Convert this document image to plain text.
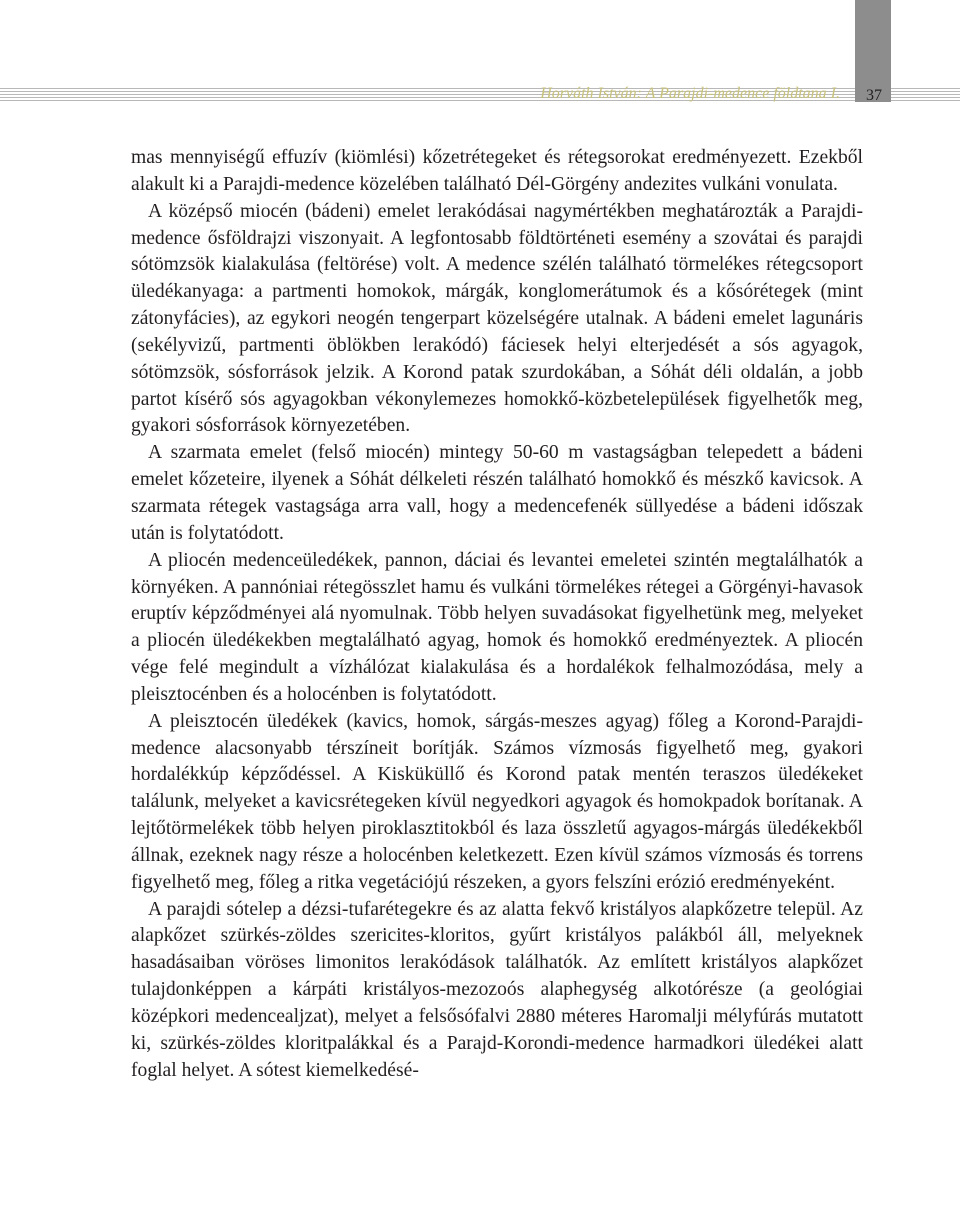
Horváth István: A Parajdi-medence földtana I.	37

mas mennyiségű effuzív (kiömlési) kőzetrétegeket és rétegsorokat eredményezett. Ezekből alakult ki a Parajdi-medence közelében található Dél-Görgény andezites vulkáni vonulata.

A középső miocén (bádeni) emelet lerakódásai nagymértékben meghatározták a Parajdi-medence ősföldrajzi viszonyait. A legfontosabb földtörténeti esemény a szovátai és parajdi sótömzsök kialakulása (feltörése) volt. A medence szélén található törmelékes rétegcsoport üledékanyaga: a partmenti homokok, márgák, konglomerátumok és a kősórétegek (mint zátonyfácies), az egykori neogén tengerpart közelségére utalnak. A bádeni emelet lagunáris (sekélyvizű, partmenti öblökben lerakódó) fáciesek helyi elterjedését a sós agyagok, sótömzsök, sósforrások jelzik. A Korond patak szurdokában, a Sóhát déli oldalán, a jobb partot kísérő sós agyagokban vékonylemezes homokkő-közbetelepülések figyelhetők meg, gyakori sósforrások környezetében.

A szarmata emelet (felső miocén) mintegy 50-60 m vastagságban telepedett a bádeni emelet kőzeteire, ilyenek a Sóhát délkeleti részén található homokkő és mészkő kavicsok. A szarmata rétegek vastagsága arra vall, hogy a medencefenék süllyedése a bádeni időszak után is folytatódott.

A pliocén medenceüledékek, pannon, dáciai és levantei emeletei szintén megtalálhatók a környéken. A pannóniai rétegösszlet hamu és vulkáni törmelékes rétegei a Görgényi-havasok eruptív képződményei alá nyomulnak. Több helyen suvadásokat figyelhetünk meg, melyeket a pliocén üledékekben megtalálható agyag, homok és homokkő eredményeztek. A pliocén vége felé megindult a vízhálózat kialakulása és a hordalékok felhalmozódása, mely a pleisztocénben és a holocénben is folytatódott.

A pleisztocén üledékek (kavics, homok, sárgás-meszes agyag) főleg a Korond-Parajdi-medence alacsonyabb térszíneit borítják. Számos vízmosás figyelhető meg, gyakori hordalékkúp képződéssel. A Kisküküllő és Korond patak mentén teraszos üledékeket találunk, melyeket a kavicsrétegeken kívül negyedkori agyagok és homokpadok borítanak. A lejtőtörmelékek több helyen piroklasztitokból és laza összletű agyagos-márgás üledékekből állnak, ezeknek nagy része a holocénben keletkezett. Ezen kívül számos vízmosás és torrens figyelhető meg, főleg a ritka vegetációjú részeken, a gyors felszíni erózió eredményeként.

A parajdi sótelep a dézsi-tufarétegekre és az alatta fekvő kristályos alapkőzetre települ. Az alapkőzet szürkés-zöldes szericites-kloritos, gyűrt kristályos palákból áll, melyeknek hasadásaiban vöröses limonitos lerakódások találhatók. Az említett kristályos alapkőzet tulajdonképpen a kárpáti kristályos-mezozoós alaphegység alkotórésze (a geológiai középkori medencealjzat), melyet a felsősófalvi 2880 méteres Haromalji mélyfúrás mutatott ki, szürkés-zöldes kloritpalákkal és a Parajd-Korondi-medence harmadkori üledékei alatt foglal helyet. A sótest kiemelkedésé-
